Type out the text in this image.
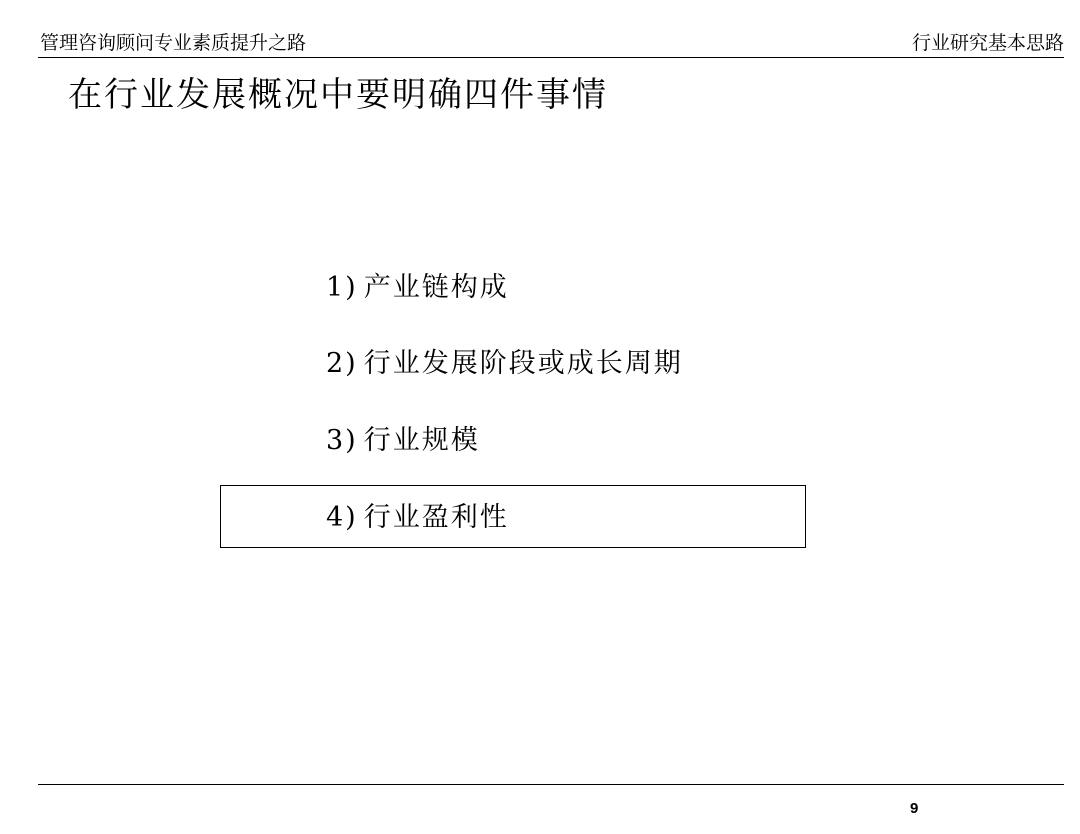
管理咨询顾问专业素质提升之路	行业研究基本思路
在行业发展概况中要明确四件事情
1) 产业链构成
2) 行业发展阶段或成长周期
3) 行业规模
4) 行业盈利性
9
